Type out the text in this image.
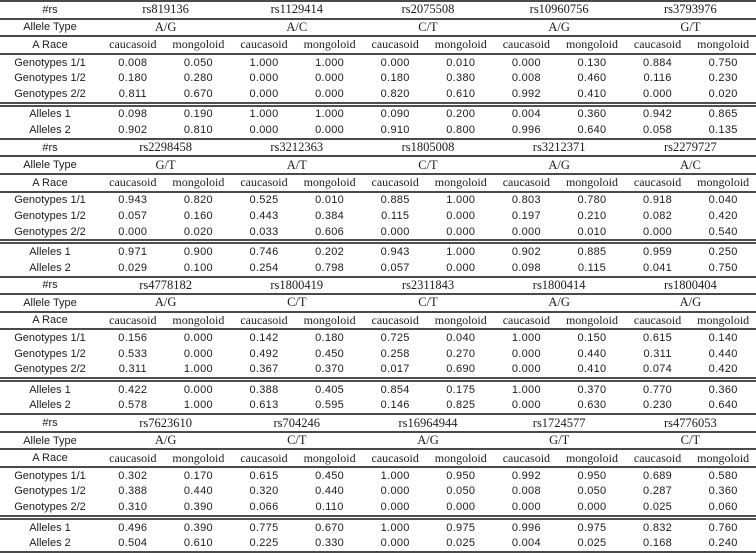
#rs	rs819136		rs1129414		rs2075508		rs10960756		rs3793976	
Allele Type	A/G		A/C		C/T		A/G		G/T	
A Race	caucasoid	mongoloid	caucasoid	mongoloid	caucasoid	mongoloid	caucasoid	mongoloid	caucasoid	mongoloid
Genotypes 1/1	0.008	0.050	1.000	1.000	0.000	0.010	0.000	0.130	0.884	0.750
Genotypes 1/2	0.180	0.280	0.000	0.000	0.180	0.380	0.008	0.460	0.116	0.230
Genotypes 2/2	0.811	0.670	0.000	0.000	0.820	0.610	0.992	0.410	0.000	0.020
Alleles 1	0.098	0.190	1.000	1.000	0.090	0.200	0.004	0.360	0.942	0.865
Alleles 2	0.902	0.810	0.000	0.000	0.910	0.800	0.996	0.640	0.058	0.135
#rs	rs2298458		rs3212363		rs1805008		rs3212371		rs2279727	
Allele Type	G/T		A/T		C/T		A/G		A/C	
A Race	caucasoid	mongoloid	caucasoid	mongoloid	caucasoid	mongoloid	caucasoid	mongoloid	caucasoid	mongoloid
Genotypes 1/1	0.943	0.820	0.525	0.010	0.885	1.000	0.803	0.780	0.918	0.040
Genotypes 1/2	0.057	0.160	0.443	0.384	0.115	0.000	0.197	0.210	0.082	0.420
Genotypes 2/2	0.000	0.020	0.033	0.606	0.000	0.000	0.000	0.010	0.000	0.540
Alleles 1	0.971	0.900	0.746	0.202	0.943	1.000	0.902	0.885	0.959	0.250
Alleles 2	0.029	0.100	0.254	0.798	0.057	0.000	0.098	0.115	0.041	0.750
#rs	rs4778182		rs1800419		rs2311843		rs1800414		rs1800404	
Allele Type	A/G		C/T		C/T		A/G		A/G	
A Race	caucasoid	mongoloid	caucasoid	mongoloid	caucasoid	mongoloid	caucasoid	mongoloid	caucasoid	mongoloid
Genotypes 1/1	0.156	0.000	0.142	0.180	0.725	0.040	1.000	0.150	0.615	0.140
Genotypes 1/2	0.533	0.000	0.492	0.450	0.258	0.270	0.000	0.440	0.311	0.440
Genotypes 2/2	0.311	1.000	0.367	0.370	0.017	0.690	0.000	0.410	0.074	0.420
Alleles 1	0.422	0.000	0.388	0.405	0.854	0.175	1.000	0.370	0.770	0.360
Alleles 2	0.578	1.000	0.613	0.595	0.146	0.825	0.000	0.630	0.230	0.640
#rs	rs7623610		rs704246		rs16964944		rs1724577		rs4776053	
Allele Type	A/G		C/T		A/G		G/T		C/T	
A Race	caucasoid	mongoloid	caucasoid	mongoloid	caucasoid	mongoloid	caucasoid	mongoloid	caucasoid	mongoloid
Genotypes 1/1	0.302	0.170	0.615	0.450	1.000	0.950	0.992	0.950	0.689	0.580
Genotypes 1/2	0.388	0.440	0.320	0.440	0.000	0.050	0.008	0.050	0.287	0.360
Genotypes 2/2	0.310	0.390	0.066	0.110	0.000	0.000	0.000	0.000	0.025	0.060
Alleles 1	0.496	0.390	0.775	0.670	1.000	0.975	0.996	0.975	0.832	0.760
Alleles 2	0.504	0.610	0.225	0.330	0.000	0.025	0.004	0.025	0.168	0.240
